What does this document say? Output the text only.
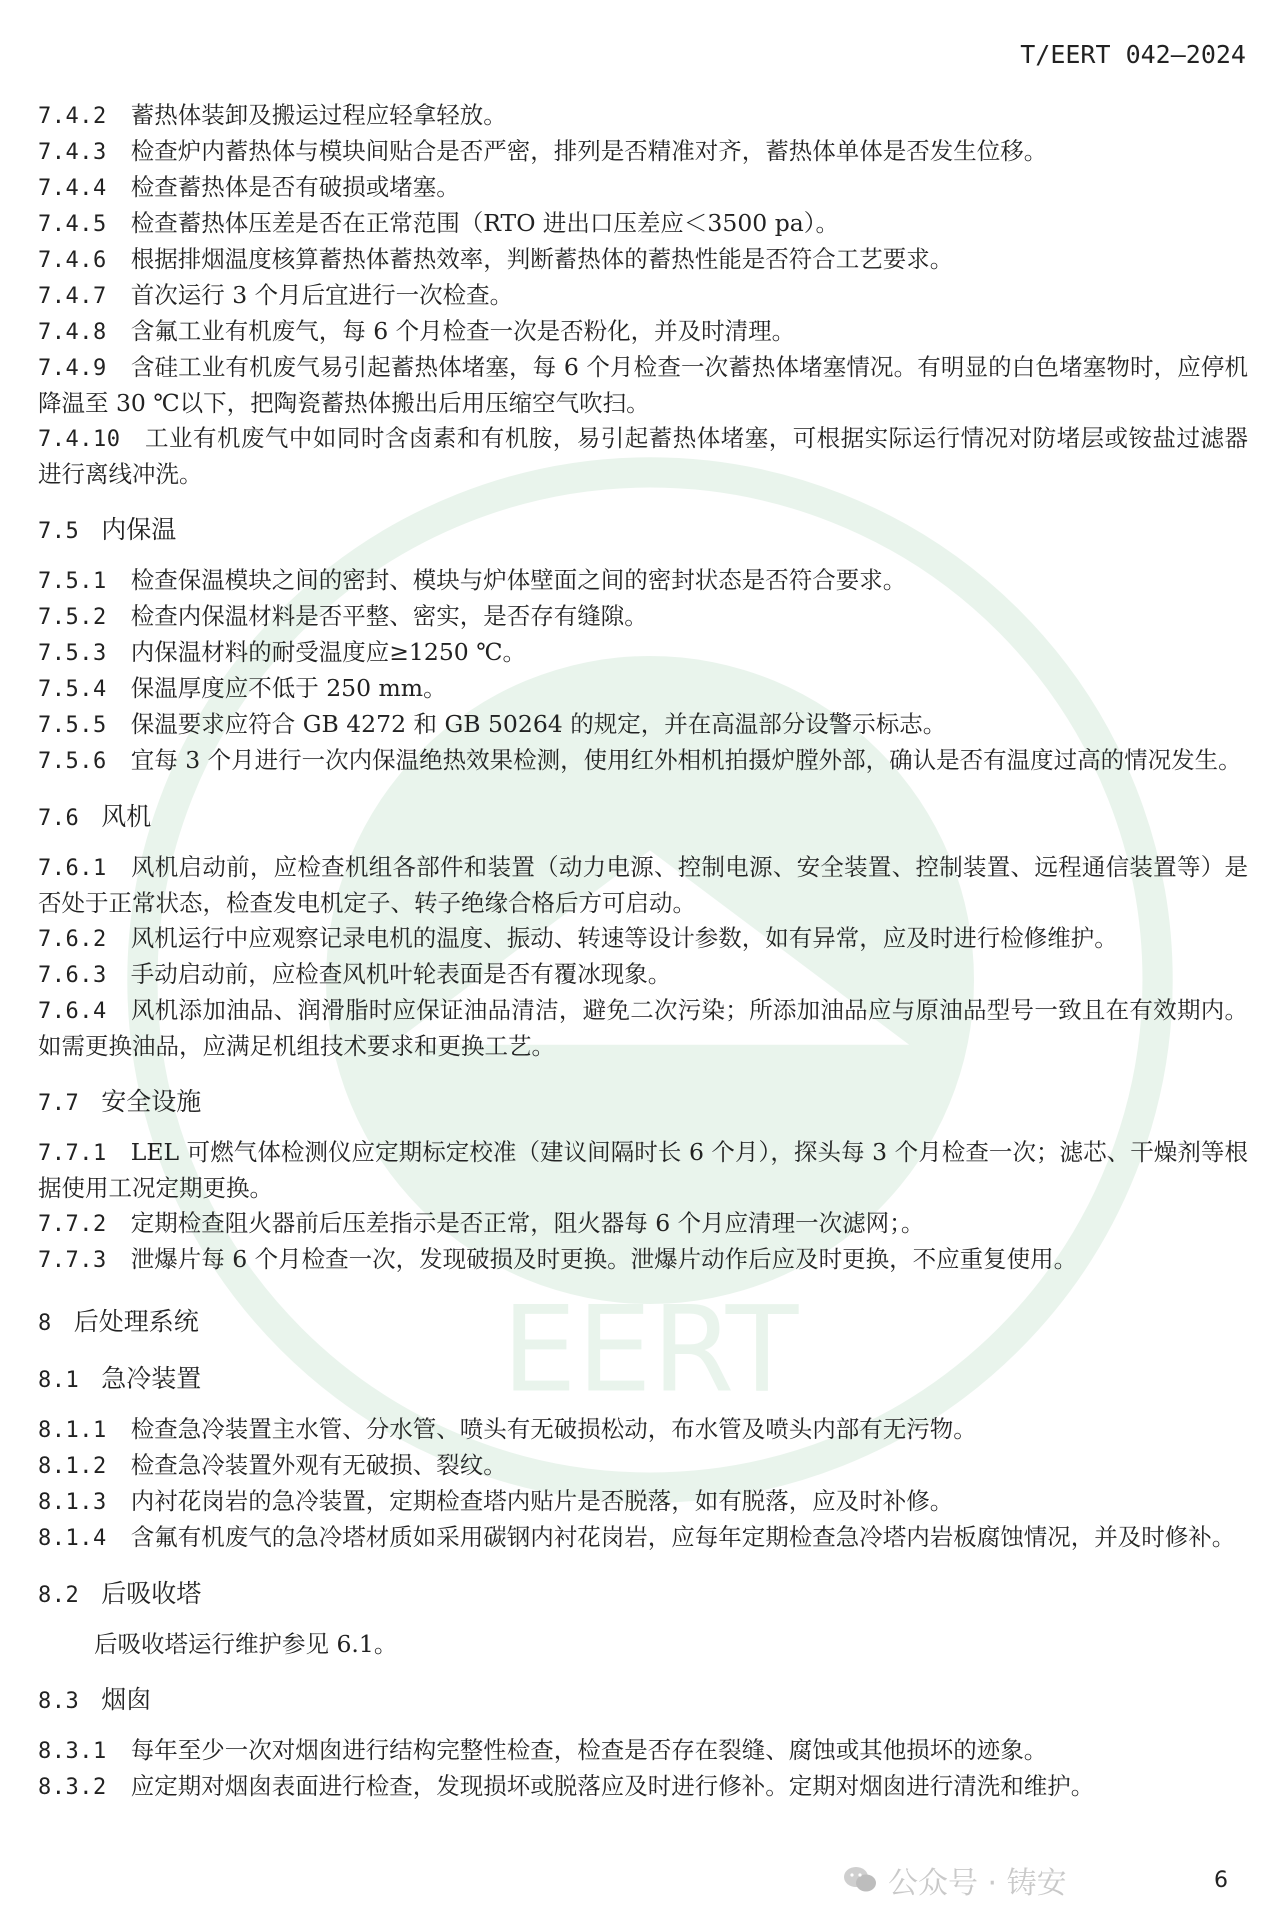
EERT
T/EERT 042—2024

7.4.2 蓄热体装卸及搬运过程应轻拿轻放。

7.4.3 检查炉内蓄热体与模块间贴合是否严密，排列是否精准对齐，蓄热体单体是否发生位移。

7.4.4 检查蓄热体是否有破损或堵塞。

7.4.5 检查蓄热体压差是否在正常范围（RTO 进出口压差应＜3500 pa）。

7.4.6 根据排烟温度核算蓄热体蓄热效率，判断蓄热体的蓄热性能是否符合工艺要求。

7.4.7 首次运行 3 个月后宜进行一次检查。

7.4.8 含氟工业有机废气，每 6 个月检查一次是否粉化，并及时清理。

7.4.9 含硅工业有机废气易引起蓄热体堵塞，每 6 个月检查一次蓄热体堵塞情况。有明显的白色堵塞物时，应停机降温至 30 ℃以下，把陶瓷蓄热体搬出后用压缩空气吹扫。

7.4.10 工业有机废气中如同时含卤素和有机胺，易引起蓄热体堵塞，可根据实际运行情况对防堵层或铵盐过滤器进行离线冲洗。

7.5 内保温

7.5.1 检查保温模块之间的密封、模块与炉体壁面之间的密封状态是否符合要求。

7.5.2 检查内保温材料是否平整、密实，是否存有缝隙。

7.5.3 内保温材料的耐受温度应≥1250 ℃。

7.5.4 保温厚度应不低于 250 mm。

7.5.5 保温要求应符合 GB 4272 和 GB 50264 的规定，并在高温部分设警示标志。

7.5.6 宜每 3 个月进行一次内保温绝热效果检测，使用红外相机拍摄炉膛外部，确认是否有温度过高的情况发生。

7.6 风机

7.6.1 风机启动前，应检查机组各部件和装置（动力电源、控制电源、安全装置、控制装置、远程通信装置等）是否处于正常状态，检查发电机定子、转子绝缘合格后方可启动。

7.6.2 风机运行中应观察记录电机的温度、振动、转速等设计参数，如有异常，应及时进行检修维护。

7.6.3 手动启动前，应检查风机叶轮表面是否有覆冰现象。

7.6.4 风机添加油品、润滑脂时应保证油品清洁，避免二次污染；所添加油品应与原油品型号一致且在有效期内。如需更换油品，应满足机组技术要求和更换工艺。

7.7 安全设施

7.7.1 LEL 可燃气体检测仪应定期标定校准（建议间隔时长 6 个月），探头每 3 个月检查一次；滤芯、干燥剂等根据使用工况定期更换。

7.7.2 定期检查阻火器前后压差指示是否正常，阻火器每 6 个月应清理一次滤网；。

7.7.3 泄爆片每 6 个月检查一次，发现破损及时更换。泄爆片动作后应及时更换，不应重复使用。

8 后处理系统
8.1 急冷装置

8.1.1 检查急冷装置主水管、分水管、喷头有无破损松动，布水管及喷头内部有无污物。

8.1.2 检查急冷装置外观有无破损、裂纹。

8.1.3 内衬花岗岩的急冷装置，定期检查塔内贴片是否脱落，如有脱落，应及时补修。

8.1.4 含氟有机废气的急冷塔材质如采用碳钢内衬花岗岩，应每年定期检查急冷塔内岩板腐蚀情况，并及时修补。

8.2 后吸收塔

后吸收塔运行维护参见 6.1。

8.3 烟囱

8.3.1 每年至少一次对烟囱进行结构完整性检查，检查是否存在裂缝、腐蚀或其他损坏的迹象。

8.3.2 应定期对烟囱表面进行检查，发现损坏或脱落应及时进行修补。定期对烟囱进行清洗和维护。

公众号 · 铸安	6
